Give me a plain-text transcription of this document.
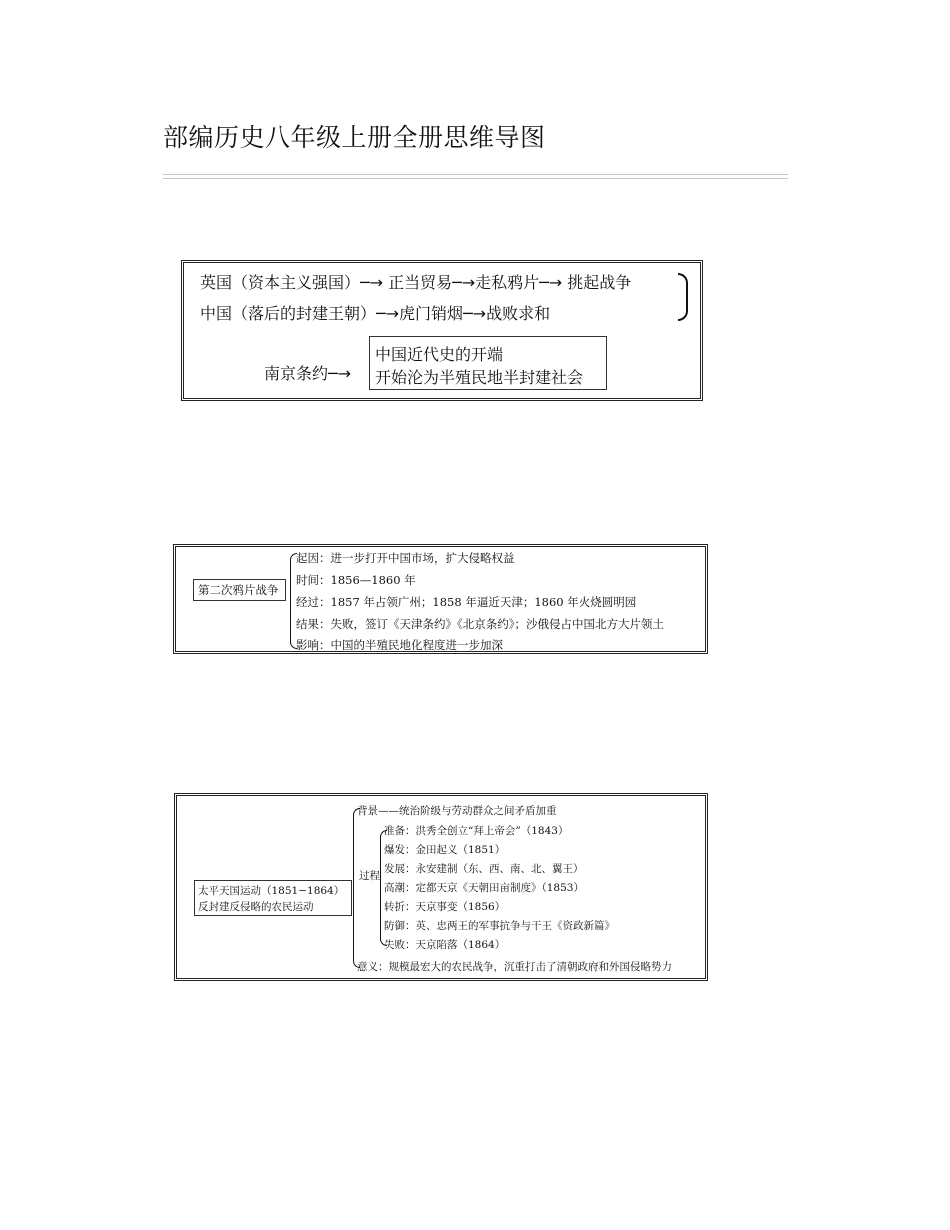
部编历史八年级上册全册思维导图
英国（资本主义强国）─→ 正当贸易─→走私鸦片─→ 挑起战争
中国（落后的封建王朝）─→虎门销烟─→战败求和
南京条约─→
中国近代史的开端
开始沦为半殖民地半封建社会
第二次鸦片战争
起因：进一步打开中国市场，扩大侵略权益
时间：1856—1860 年
经过：1857 年占领广州；1858 年逼近天津；1860 年火烧圆明园
结果：失败，签订《天津条约》《北京条约》；沙俄侵占中国北方大片领土
影响：中国的半殖民地化程度进一步加深
太平天国运动（1851−1864）
反封建反侵略的农民运动
背景——统治阶级与劳动群众之间矛盾加重
过程
准备：洪秀全创立“拜上帝会”（1843）
爆发：金田起义（1851）
发展：永安建制（东、西、南、北、翼王）
高潮：定都天京《天朝田亩制度》（1853）
转折：天京事变（1856）
防御：英、忠两王的军事抗争与干王《资政新篇》
失败：天京陷落（1864）
意义：规模最宏大的农民战争，沉重打击了清朝政府和外国侵略势力
